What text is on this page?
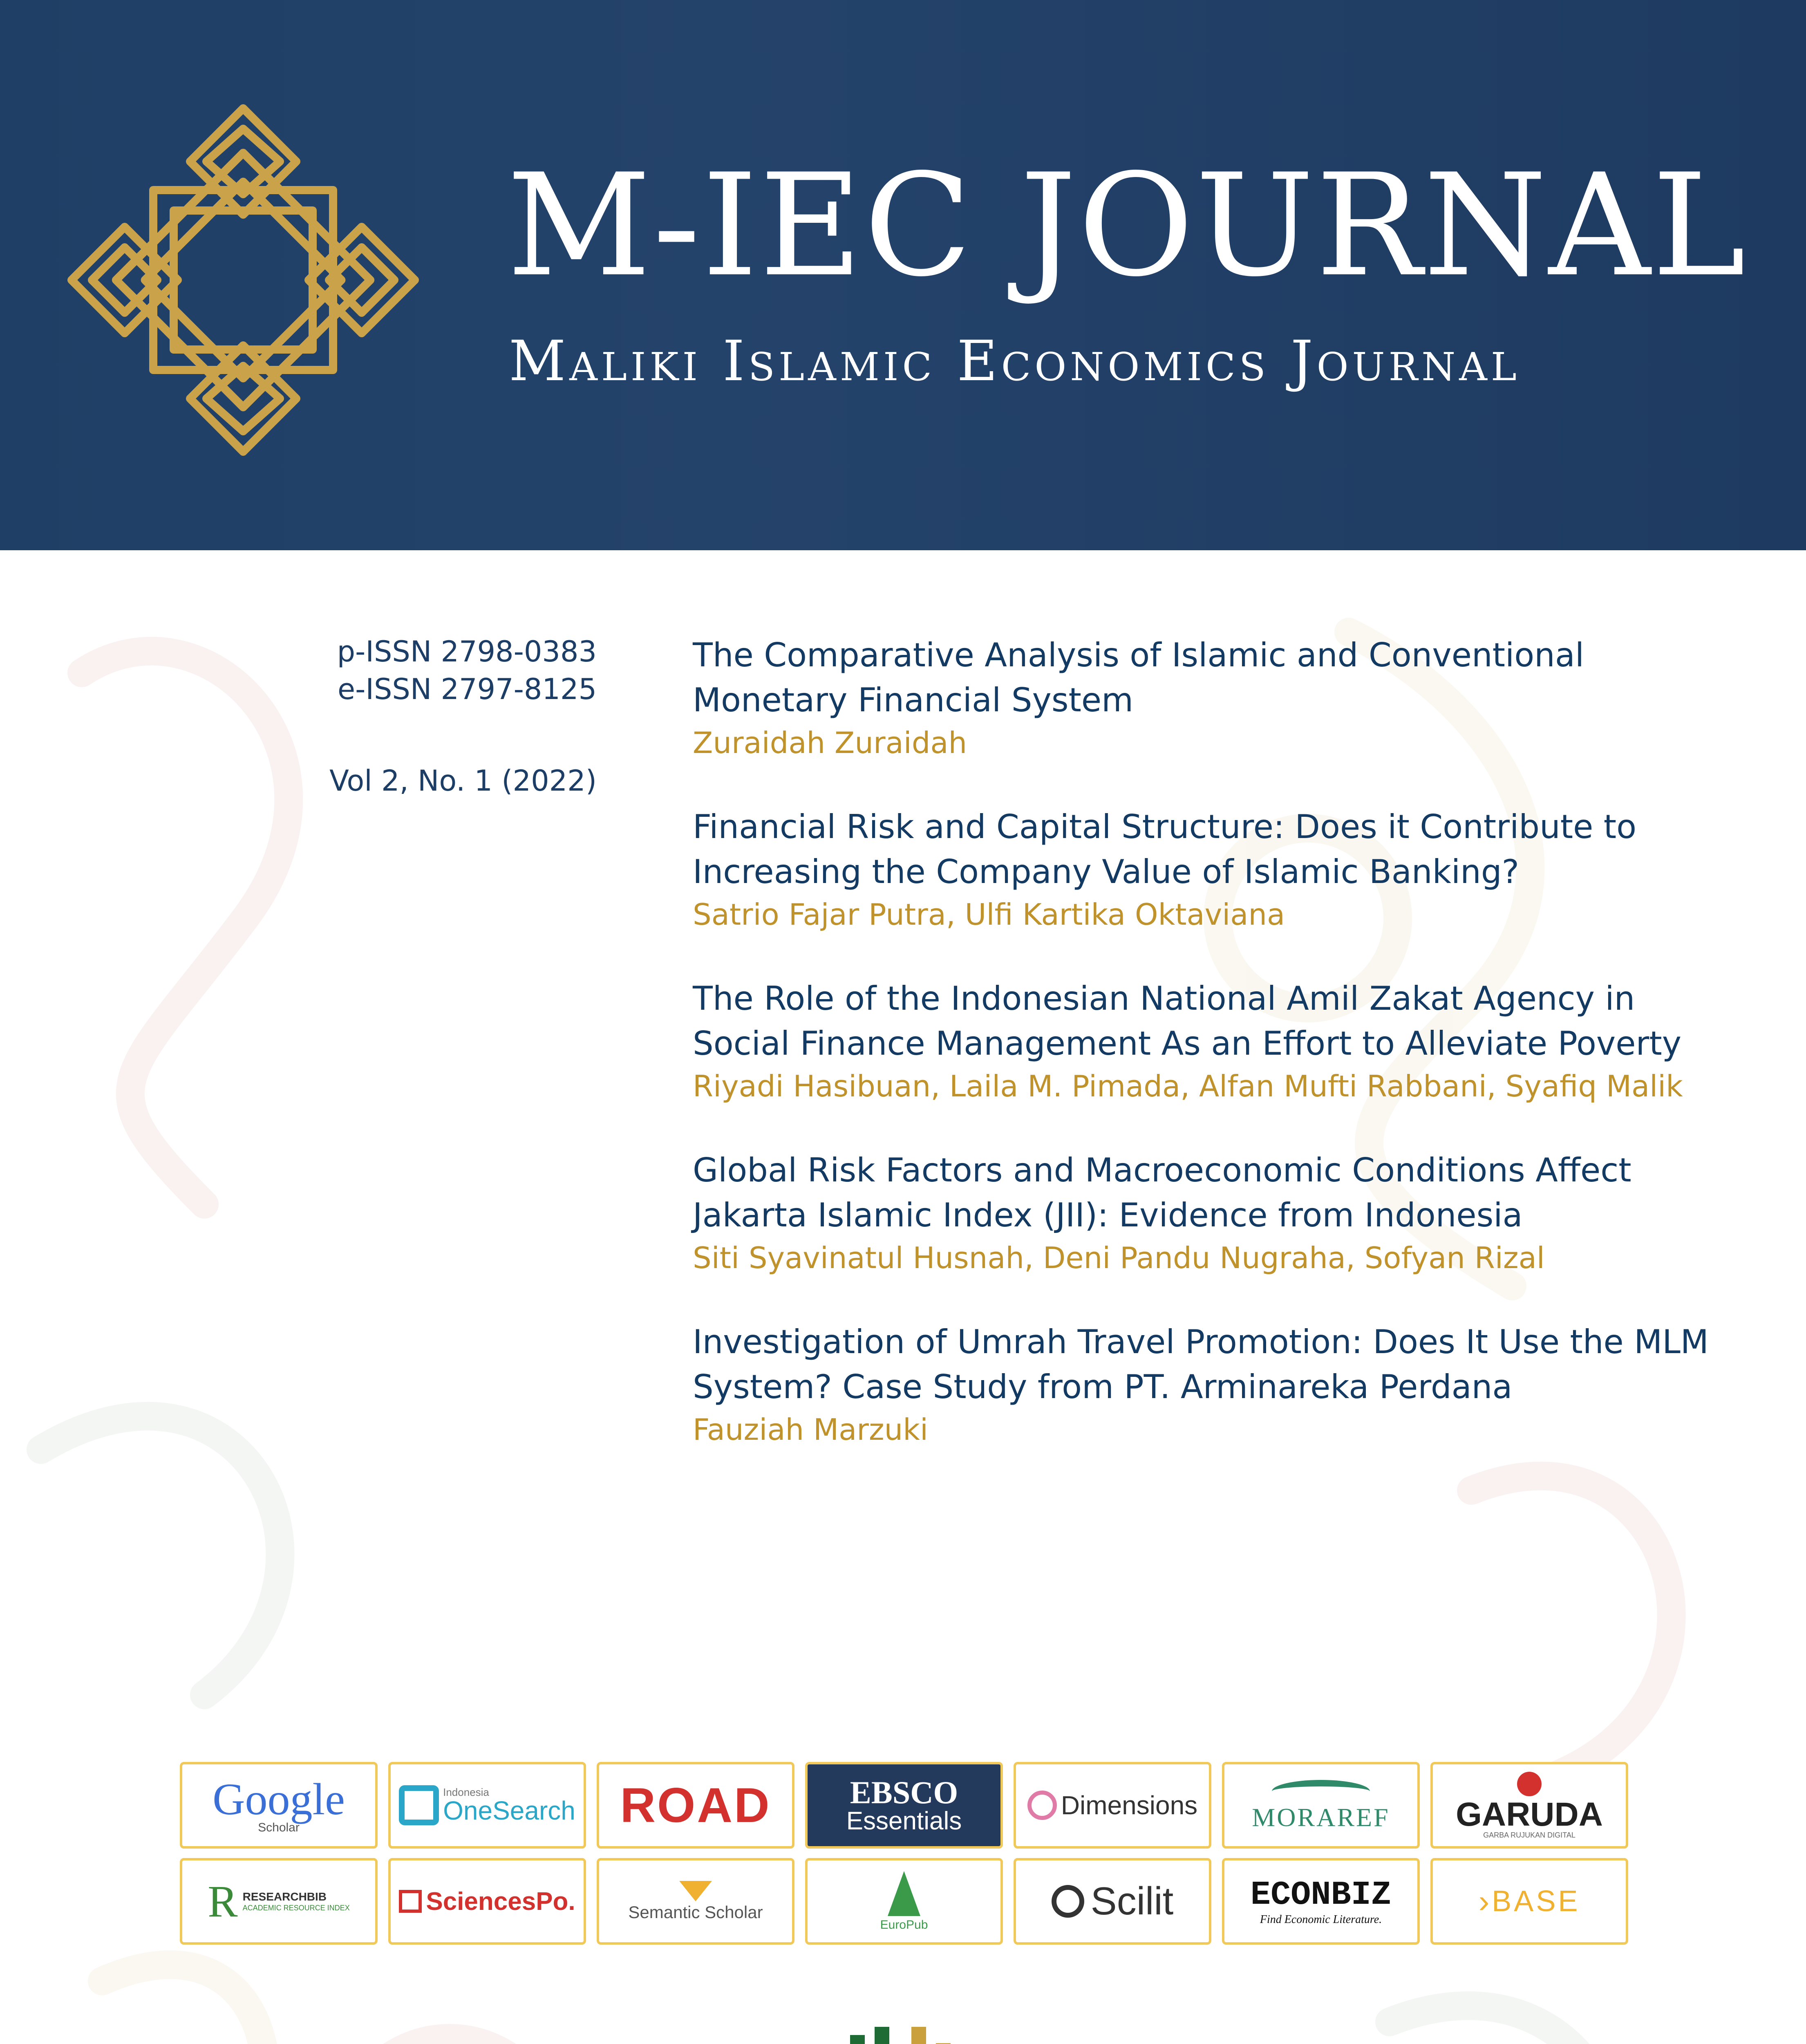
M-IEC JOURNAL
Maliki Islamic Economics Journal
p-ISSN 2798-0383
e-ISSN 2797-8125
Vol 2, No. 1 (2022)
The Comparative Analysis of Islamic and Conventional Monetary Financial System
Zuraidah Zuraidah
Financial Risk and Capital Structure: Does it Contribute to Increasing the Company Value of Islamic Banking?
Satrio Fajar Putra, Ulfi Kartika Oktaviana
The Role of the Indonesian National Amil Zakat Agency in Social Finance Management As an Effort to Alleviate Poverty
Riyadi Hasibuan, Laila M. Pimada, Alfan Mufti Rabbani, Syafiq Malik
Global Risk Factors and Macroeconomic Conditions Affect Jakarta Islamic Index (JII): Evidence from Indonesia
Siti Syavinatul Husnah, Deni Pandu Nugraha, Sofyan Rizal
Investigation of Umrah Travel Promotion: Does It Use the MLM System? Case Study from PT. Arminareka Perdana
Fauziah Marzuki
Google
Scholar
Indonesia
OneSearch ROAD EBSCO
Essentials
Dimensions MORAREF GARUDA
GARBA RUJUKAN DIGITAL
R RESEARCHBIB
ACADEMIC RESOURCE INDEX	SciencesPo.	Semantic Scholar

EuroPub
Scilit ECONBIZ
Find Economic Literature.
› BASE
